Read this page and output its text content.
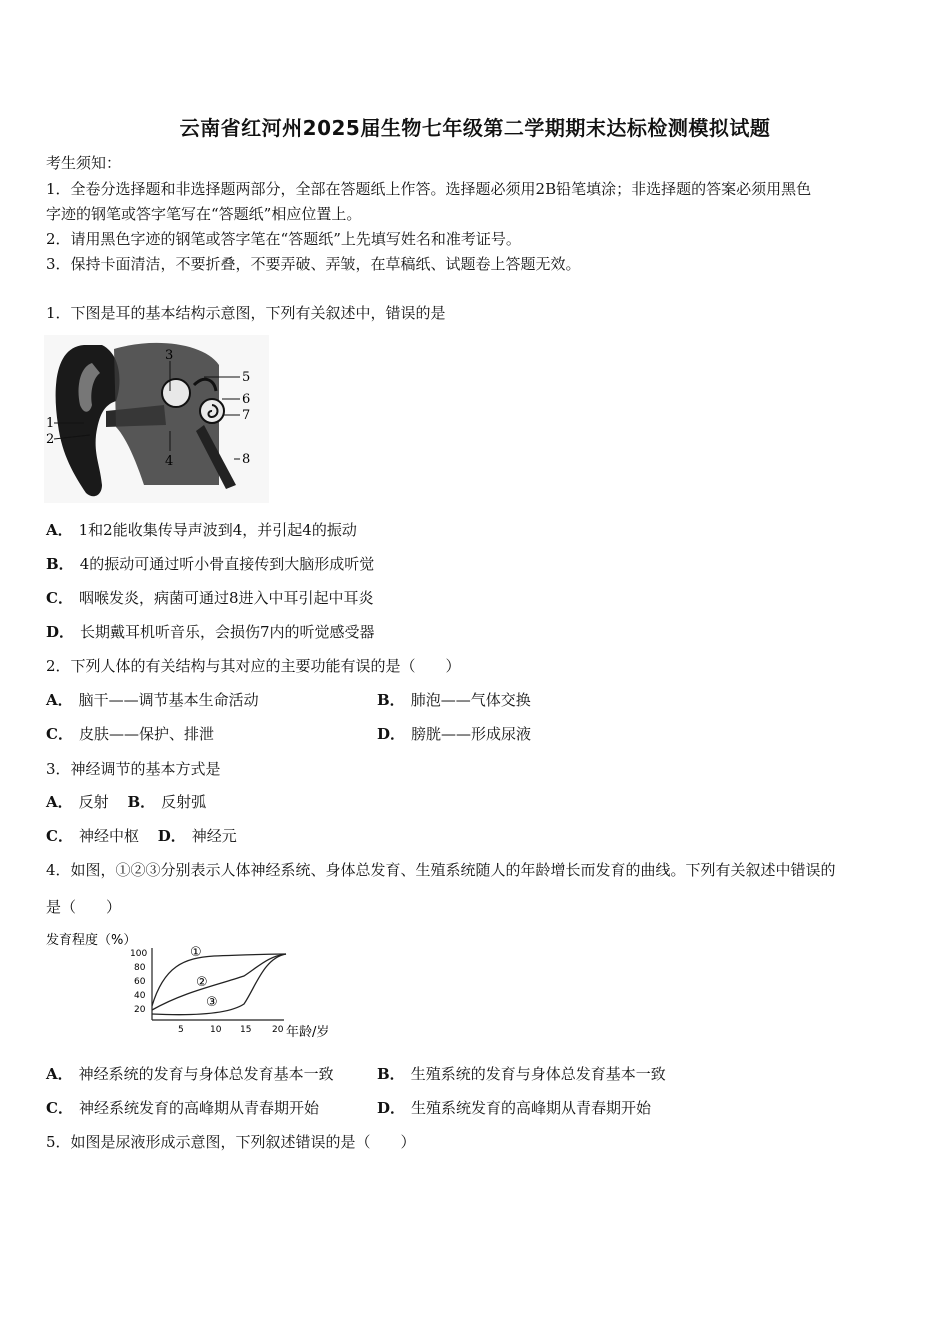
云南省红河州2025届生物七年级第二学期期末达标检测模拟试题
考生须知：
1．全卷分选择题和非选择题两部分，全部在答题纸上作答。选择题必须用2B铅笔填涂；非选择题的答案必须用黑色
字迹的钢笔或答字笔写在“答题纸”相应位置上。
2．请用黑色字迹的钢笔或答字笔在“答题纸”上先填写姓名和准考证号。
3．保持卡面清洁，不要折叠，不要弄破、弄皱，在草稿纸、试题卷上答题无效。
1．下图是耳的基本结构示意图，下列有关叙述中，错误的是
1
2
3
4
5
6
7
8
A． 1和2能收集传导声波到4，并引起4的振动
B． 4的振动可通过听小骨直接传到大脑形成听觉
C． 咽喉发炎，病菌可通过8进入中耳引起中耳炎
D． 长期戴耳机听音乐，会损伤7内的听觉感受器
2．下列人体的有关结构与其对应的主要功能有误的是（　　）
A． 脑干——调节基本生命活动	B． 肺泡——气体交换
C． 皮肤——保护、排泄	D． 膀胱——形成尿液
3．神经调节的基本方式是
A． 反射 B． 反射弧
C． 神经中枢 D． 神经元
4．如图，①②③分别表示人体神经系统、身体总发育、生殖系统随人的年龄增长而发育的曲线。下列有关叙述中错误的
是（　　）
发育程度（%）
100
80
60
40
20
5	10 15 20 年龄/岁
①
②
③
A． 神经系统的发育与身体总发育基本一致	B． 生殖系统的发育与身体总发育基本一致
C． 神经系统发育的高峰期从青春期开始	D． 生殖系统发育的高峰期从青春期开始
5．如图是尿液形成示意图，下列叙述错误的是（　　）
